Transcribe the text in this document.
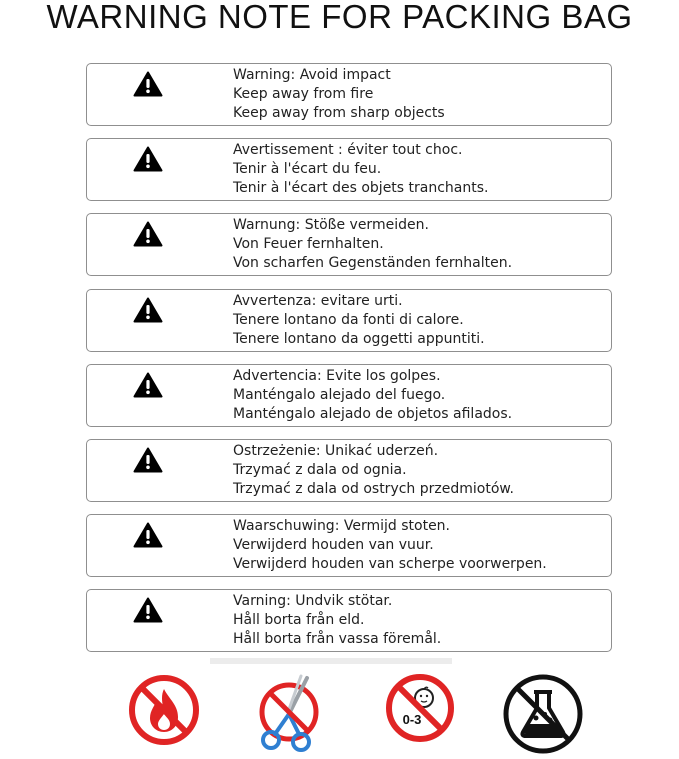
WARNING NOTE FOR PACKING BAG
Warning: Avoid impact
Keep away from fire
Keep away from sharp objects
Avertissement : éviter tout choc.
Tenir à l'écart du feu.
Tenir à l'écart des objets tranchants.
Warnung: Stöße vermeiden.
Von Feuer fernhalten.
Von scharfen Gegenständen fernhalten.
Avvertenza: evitare urti.
Tenere lontano da fonti di calore.
Tenere lontano da oggetti appuntiti.
Advertencia: Evite los golpes.
Manténgalo alejado del fuego.
Manténgalo alejado de objetos afilados.
Ostrzeżenie: Unikać uderzeń.
Trzymać z dala od ognia.
Trzymać z dala od ostrych przedmiotów.
Waarschuwing: Vermijd stoten.
Verwijderd houden van vuur.
Verwijderd houden van scherpe voorwerpen.
Varning: Undvik stötar.
Håll borta från eld.
Håll borta från vassa föremål.
0-3
